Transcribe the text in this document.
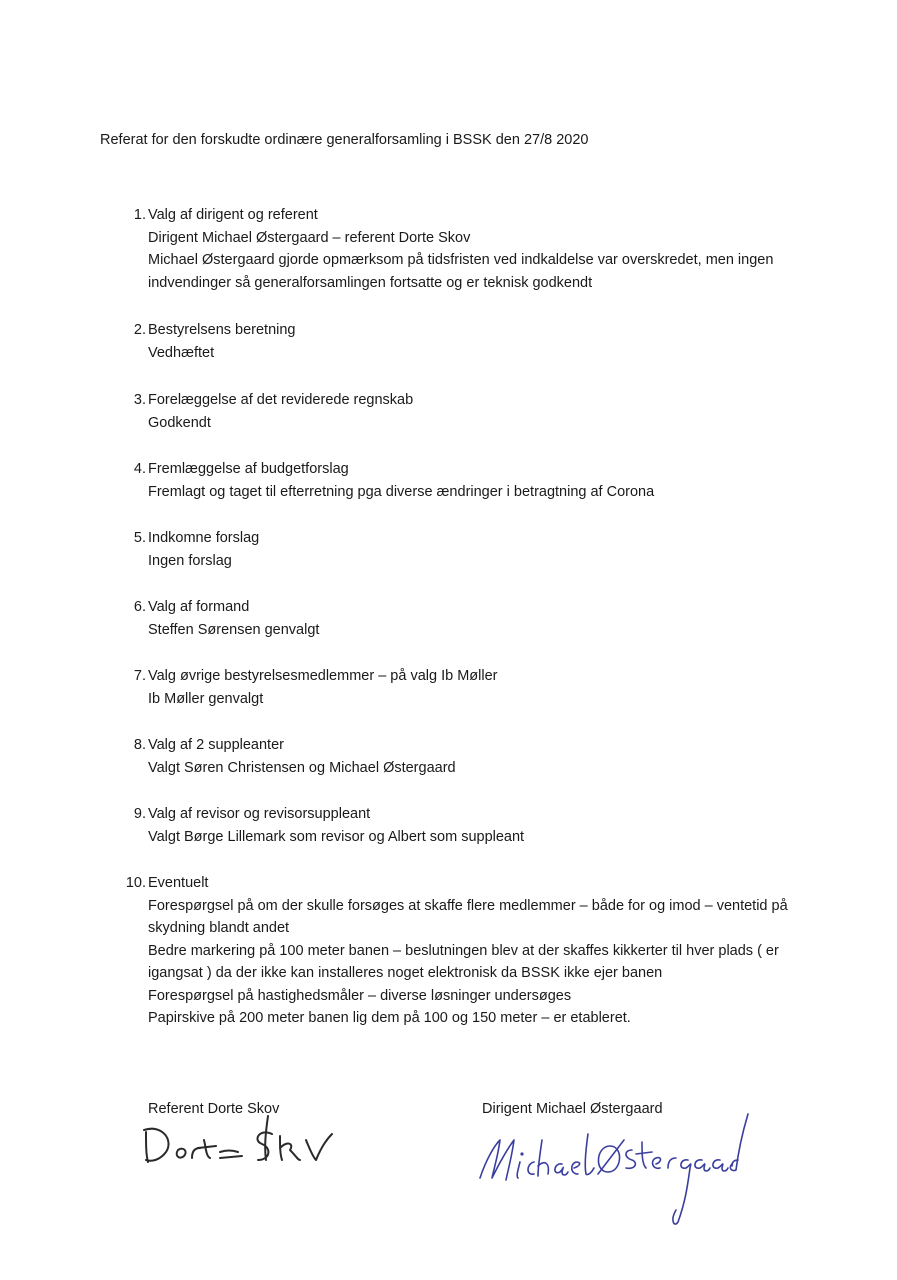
Referat for den forskudte ordinære generalforsamling i BSSK den 27/8 2020
1. Valg af dirigent og referent
Dirigent Michael Østergaard – referent Dorte Skov
Michael Østergaard gjorde opmærksom på tidsfristen ved indkaldelse var overskredet, men ingen
indvendinger så generalforsamlingen fortsatte og er teknisk godkendt
2. Bestyrelsens beretning
Vedhæftet
3. Forelæggelse af det reviderede regnskab
Godkendt
4. Fremlæggelse af budgetforslag
Fremlagt og taget til efterretning pga diverse ændringer i betragtning af Corona
5. Indkomne forslag
Ingen forslag
6. Valg af formand
Steffen Sørensen genvalgt
7. Valg øvrige bestyrelsesmedlemmer – på valg Ib Møller
Ib Møller genvalgt
8. Valg af 2 suppleanter
Valgt Søren Christensen og Michael Østergaard
9. Valg af revisor og revisorsuppleant
Valgt Børge Lillemark som revisor og Albert som suppleant
10. Eventuelt
Forespørgsel på om der skulle forsøges at skaffe flere medlemmer – både for og imod – ventetid på
skydning blandt andet
Bedre markering på 100 meter banen – beslutningen blev at der skaffes kikkerter til hver plads ( er
igangsat ) da der ikke kan installeres noget elektronisk da BSSK ikke ejer banen
Forespørgsel på hastighedsmåler – diverse løsninger undersøges
Papirskive på 200 meter banen lig dem på 100 og 150 meter – er etableret.
Referent Dorte Skov	Dirigent Michael Østergaard
